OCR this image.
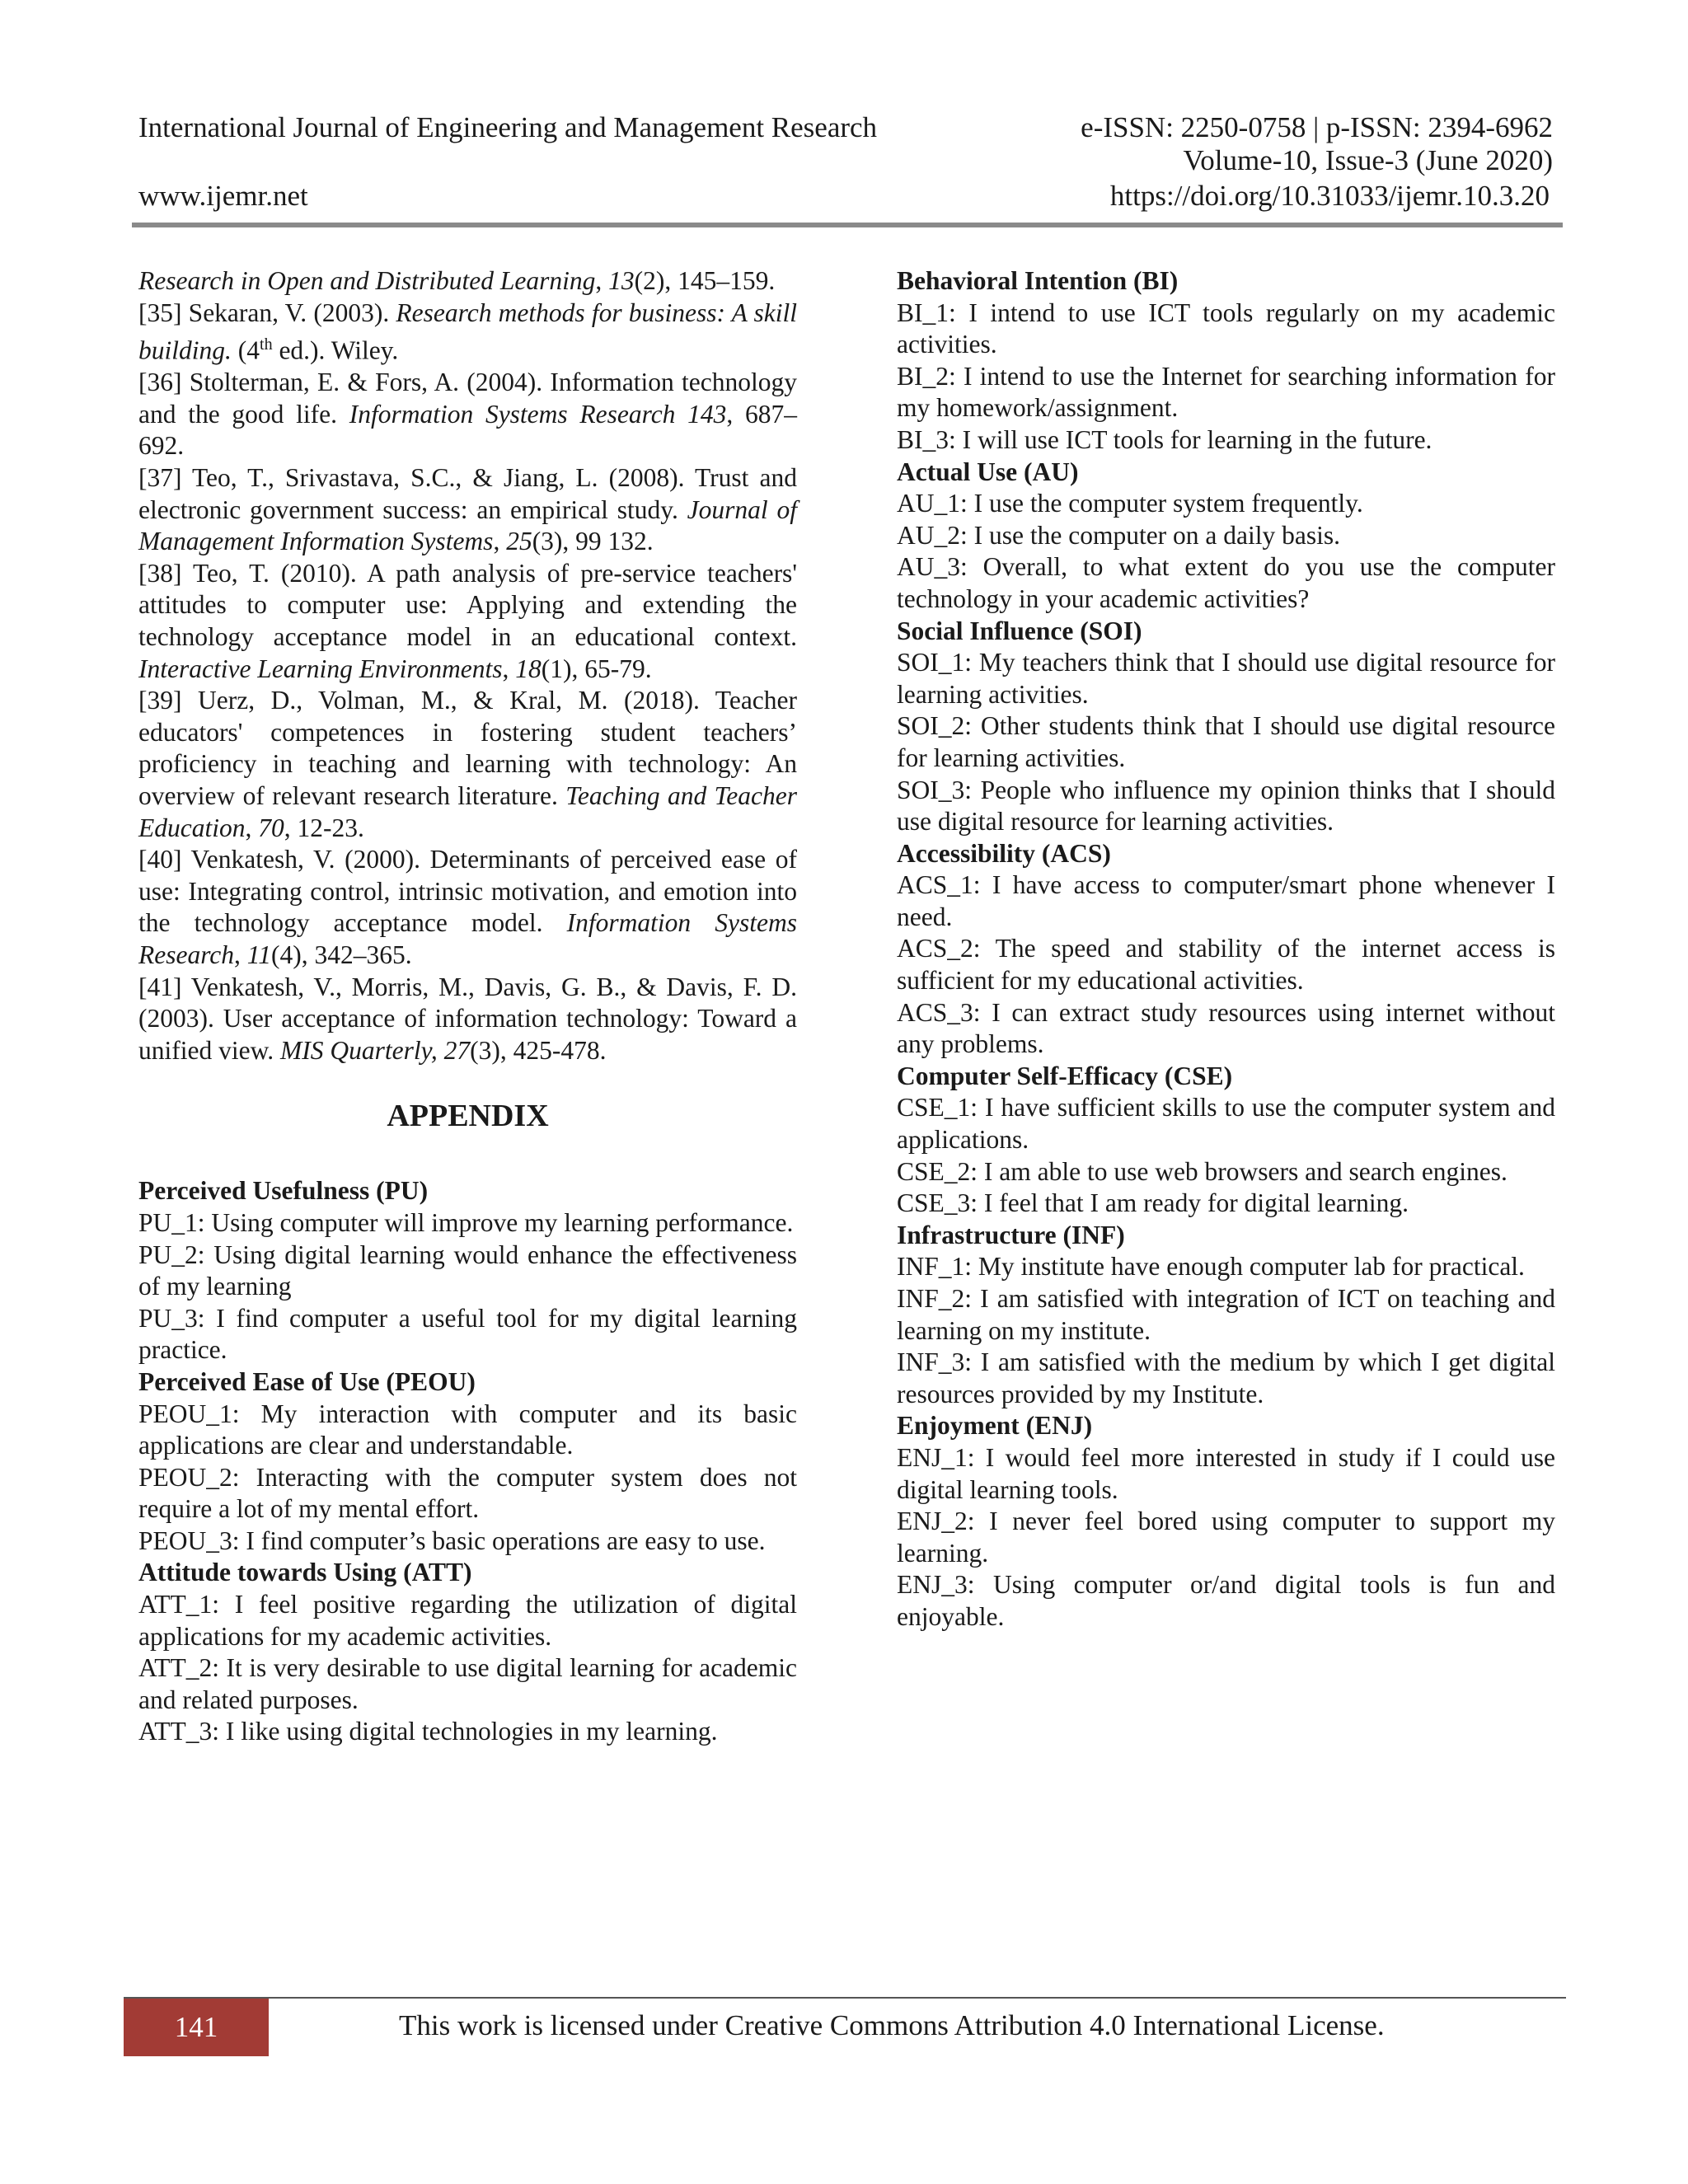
International Journal of Engineering and Management Research	e-ISSN: 2250-0758 | p-ISSN: 2394-6962
Volume-10, Issue-3 (June 2020)
www.ijemr.net	https://doi.org/10.31033/ijemr.10.3.20

Research in Open and Distributed Learning, 13(2), 145–159.

[35] Sekaran, V. (2003). Research methods for business: A skill building. (4th ed.). Wiley.

[36] Stolterman, E. & Fors, A. (2004). Information technology and the good life. Information Systems Research 143, 687–692.

[37] Teo, T., Srivastava, S.C., & Jiang, L. (2008). Trust and electronic government success: an empirical study. Journal of Management Information Systems, 25(3), 99 132.

[38] Teo, T. (2010). A path analysis of pre-service teachers' attitudes to computer use: Applying and extending the technology acceptance model in an educational context. Interactive Learning Environments, 18(1), 65-79.

[39] Uerz, D., Volman, M., & Kral, M. (2018). Teacher educators' competences in fostering student teachers’ proficiency in teaching and learning with technology: An overview of relevant research literature. Teaching and Teacher Education, 70, 12-23.

[40] Venkatesh, V. (2000). Determinants of perceived ease of use: Integrating control, intrinsic motivation, and emotion into the technology acceptance model. Information Systems Research, 11(4), 342–365.

[41] Venkatesh, V., Morris, M., Davis, G. B., & Davis, F. D. (2003). User acceptance of information technology: Toward a unified view. MIS Quarterly, 27(3), 425-478.

APPENDIX
Perceived Usefulness (PU)

PU_1: Using computer will improve my learning performance.

PU_2: Using digital learning would enhance the effectiveness of my learning

PU_3: I find computer a useful tool for my digital learning practice.

Perceived Ease of Use (PEOU)

PEOU_1: My interaction with computer and its basic applications are clear and understandable.

PEOU_2: Interacting with the computer system does not require a lot of my mental effort.

PEOU_3: I find computer’s basic operations are easy to use.

Attitude towards Using (ATT)

ATT_1: I feel positive regarding the utilization of digital applications for my academic activities.

ATT_2: It is very desirable to use digital learning for academic and related purposes.

ATT_3: I like using digital technologies in my learning.

Behavioral Intention (BI)

BI_1: I intend to use ICT tools regularly on my academic activities.

BI_2: I intend to use the Internet for searching information for my homework/assignment.

BI_3: I will use ICT tools for learning in the future.

Actual Use (AU)

AU_1: I use the computer system frequently.

AU_2: I use the computer on a daily basis.

AU_3: Overall, to what extent do you use the computer technology in your academic activities?

Social Influence (SOI)

SOI_1: My teachers think that I should use digital resource for learning activities.

SOI_2: Other students think that I should use digital resource for learning activities.

SOI_3: People who influence my opinion thinks that I should use digital resource for learning activities.

Accessibility (ACS)

ACS_1: I have access to computer/smart phone whenever I need.

ACS_2: The speed and stability of the internet access is sufficient for my educational activities.

ACS_3: I can extract study resources using internet without any problems.

Computer Self-Efficacy (CSE)

CSE_1: I have sufficient skills to use the computer system and applications.

CSE_2: I am able to use web browsers and search engines.

CSE_3: I feel that I am ready for digital learning.

Infrastructure (INF)

INF_1: My institute have enough computer lab for practical.

INF_2: I am satisfied with integration of ICT on teaching and learning on my institute.

INF_3: I am satisfied with the medium by which I get digital resources provided by my Institute.

Enjoyment (ENJ)

ENJ_1: I would feel more interested in study if I could use digital learning tools.

ENJ_2: I never feel bored using computer to support my learning.

ENJ_3: Using computer or/and digital tools is fun and enjoyable.

141	This work is licensed under Creative Commons Attribution 4.0 International License.
